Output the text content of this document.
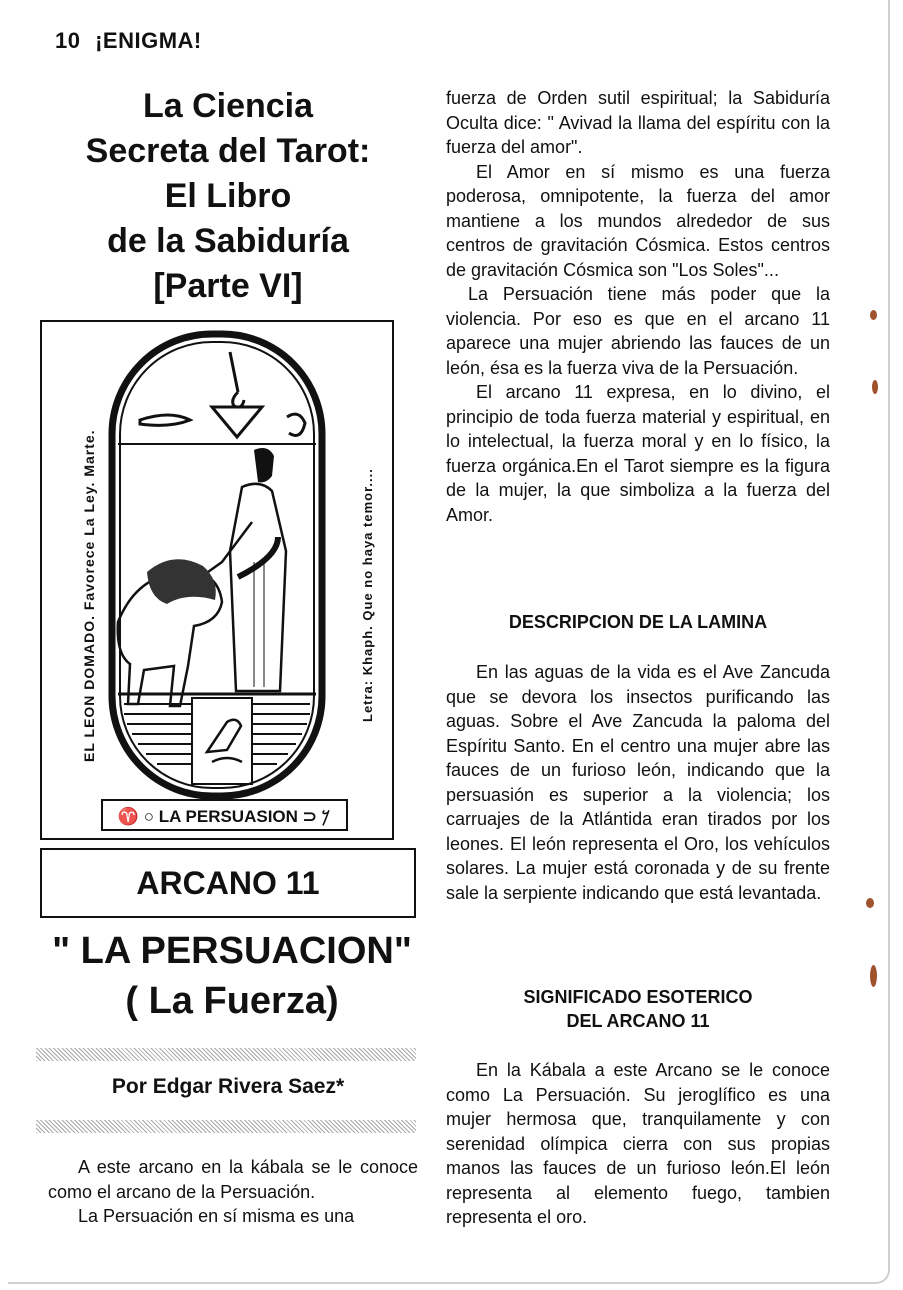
10 ¡ENIGMA!
La Ciencia
Secreta del Tarot:
El Libro
de la Sabiduría
[Parte VI]
EL LEON DOMADO. Favorece La Ley. Marte.	Letra: Khaph. Que no haya temor....
♈ ○ LA PERSUASION ⊃ 𐤊
ARCANO 11
" LA PERSUACION"
( La Fuerza)
Por Edgar Rivera Saez*

A este arcano en la kábala se le conoce como el arcano de la Persuación.

La Persuación en sí misma es una

fuerza de Orden sutil espiritual; la Sabiduría Oculta dice: " Avivad la llama del espíritu con la fuerza del amor".

El Amor en sí mismo es una fuerza poderosa, omnipotente, la fuerza del amor mantiene a los mundos alrededor de sus centros de gravitación Cósmica. Estos centros de gravitación Cósmica son "Los Soles"...

La Persuación tiene más poder que la violencia. Por eso es que en el arcano 11 aparece una mujer abriendo las fauces de un león, ésa es la fuerza viva de la Persuación.

El arcano 11 expresa, en lo divino, el principio de toda fuerza material y espiritual, en lo intelectual, la fuerza moral y en lo físico, la fuerza orgánica.En el Tarot siempre es la figura de la mujer, la que simboliza a la fuerza del Amor.

DESCRIPCION DE LA LAMINA

En las aguas de la vida es el Ave Zancuda que se devora los insectos purificando las aguas. Sobre el Ave Zancuda la paloma del Espíritu Santo. En el centro una mujer abre las fauces de un furioso león, indicando que la persuasión es superior a la violencia; los carruajes de la Atlántida eran tirados por los leones. El león representa el Oro, los vehículos solares. La mujer está coronada y de su frente sale la serpiente indicando que está levantada.

SIGNIFICADO ESOTERICO
DEL ARCANO 11

En la Kábala a este Arcano se le conoce como La Persuación. Su jeroglífico es una mujer hermosa que, tranquilamente y con serenidad olímpica cierra con sus propias manos las fauces de un furioso león.El león representa al elemento fuego, tambien representa el oro.
